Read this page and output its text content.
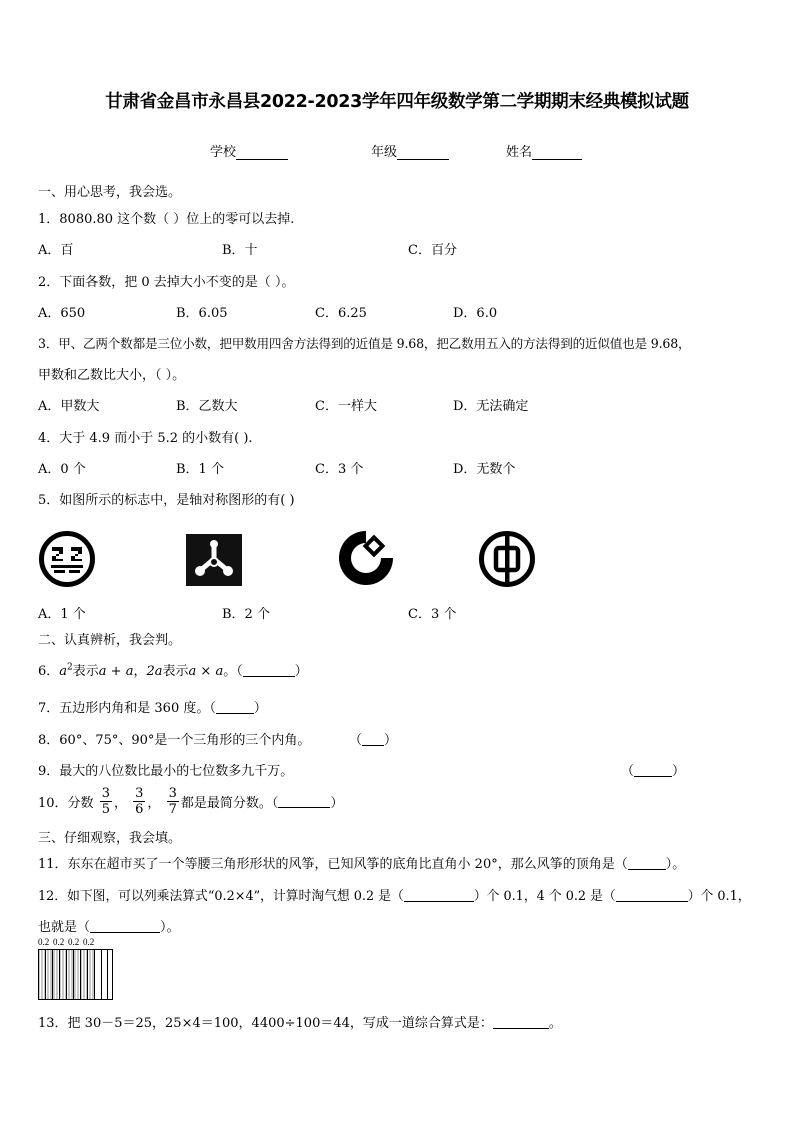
甘肃省金昌市永昌县2022-2023学年四年级数学第二学期期末经典模拟试题
学校	年级	姓名
一、用心思考，我会选。
1．8080.80 这个数（ ）位上的零可以去掉.
A．百	B．十	C．百分
2．下面各数，把 0 去掉大小不变的是（ ）。
A．650	B．6.05	C．6.25	D．6.0
3．甲、乙两个数都是三位小数，把甲数用四舍方法得到的近值是 9.68，把乙数用五入的方法得到的近似值也是 9.68，
甲数和乙数比大小，（ ）。
A．甲数大	B．乙数大	C．一样大	D．无法确定
4．大于 4.9 而小于 5.2 的小数有( ).
A．0 个	B．1 个	C．3 个	D．无数个
5．如图所示的标志中，是轴对称图形的有( )
A．1 个	B．2 个	C．3 个
二、认真辨析，我会判。
6．$a^2$表示a + a，2a表示a × a。（	）
7．五边形内角和是 360 度。（	）
8．60°、75°、90°是一个三角形的三个内角。	（ ）
9．最大的八位数比最小的七位数多九千万。	（	）
10．分数 $\frac{3}{5}$ ， $\frac{3}{6}$ ， $\frac{3}{7}$ 都是最简分数。（	）
三、仔细观察，我会填。
11．东东在超市买了一个等腰三角形形状的风筝，已知风筝的底角比直角小 20°，那么风筝的顶角是（	）。
12．如下图，可以列乘法算式“0.2×4”，计算时淘气想 0.2 是（	）个 0.1，4 个 0.2 是（	）个 0.1，
也就是（	）。
0.2 0.2 0.2 0.2
13．把 30－5＝25，25×4＝100，4400÷100＝44，写成一道综合算式是：	。
